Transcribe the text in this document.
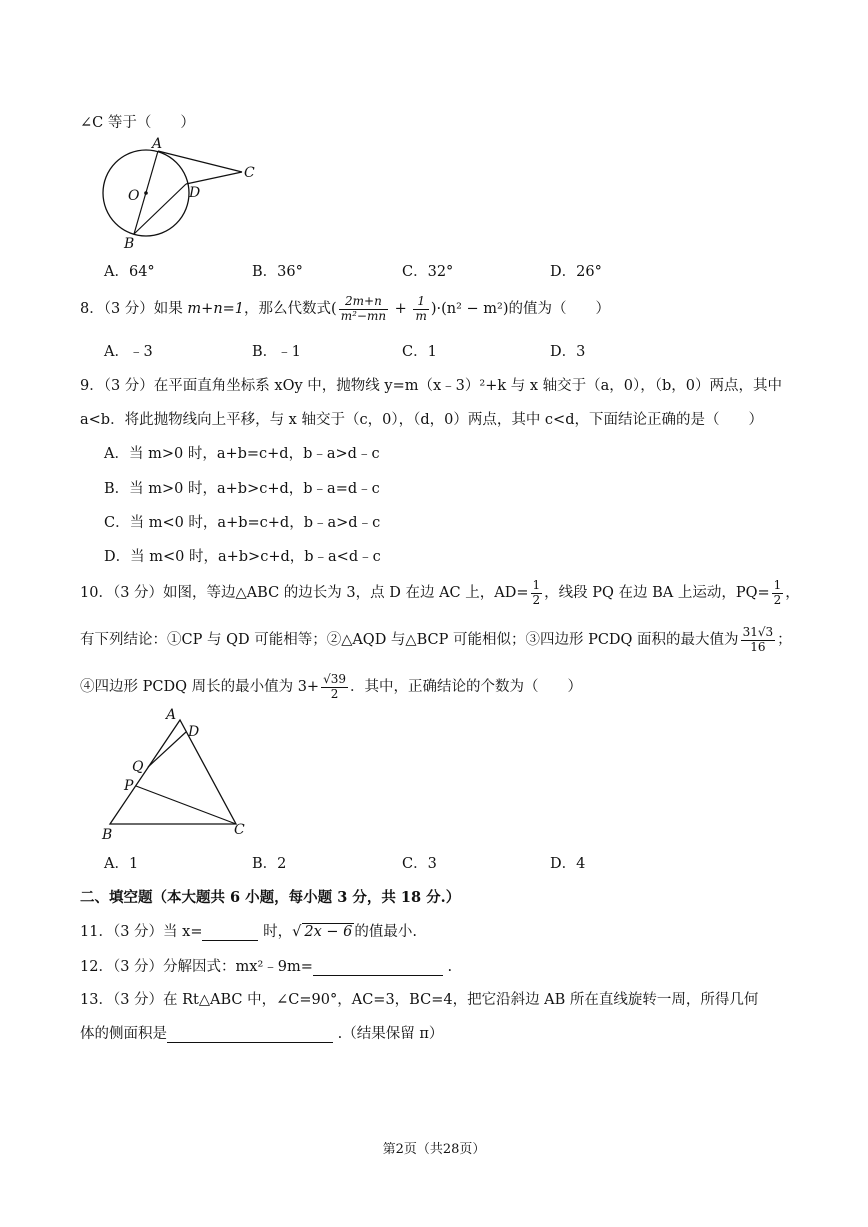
∠C 等于（　　）
A
O	D
C
B
A．64°	B．36°	C．32°	D．26°
8．（3 分）如果 m+n=1，那么代数式( $\frac{2m+n}{\text{m²−mn}} + \frac{1}{m} )\cdot(n^2 - m^2)$的值为（　　）
A．﹣3	B．﹣1	C．1	D．3
9．（3 分）在平面直角坐标系 xOy 中，抛物线 y=m（x﹣3）²+k 与 x 轴交于（a，0），（b，0）两点，其中
a<b．将此抛物线向上平移，与 x 轴交于（c，0），（d，0）两点，其中 c<d，下面结论正确的是（　　）
A．当 m>0 时，a+b=c+d，b﹣a>d﹣c
B．当 m>0 时，a+b>c+d，b﹣a=d﹣c
C．当 m<0 时，a+b=c+d，b﹣a>d﹣c
D．当 m<0 时，a+b>c+d，b﹣a<d﹣c
10．（3 分）如图，等边△ABC 的边长为 3，点 D 在边 AC 上，$AD= \frac{1}{2}$ ，线段 PQ 在边 BA 上运动，$PQ= \frac{1}{2}$ ，
有下列结论：①CP 与 QD 可能相等；②△AQD 与△BCP 可能相似；③四边形 PCDQ 面积的最大值为 $\frac{31√3}{16}$ ；
④四边形 PCDQ 周长的最小值为 $3+ \frac{√39}{2}$ ．其中，正确结论的个数为（　　）
A
D
Q
P
B	C
A．1	B．2	C．3	D．4
二、填空题（本大题共 6 小题，每小题 3 分，共 18 分.）
11．（3 分）当 x=	时，√ 2x − 6 的值最小.
12．（3 分）分解因式：mx²﹣9m=	.
13．（3 分）在 Rt△ABC 中，∠C=90°，AC=3，BC=4，把它沿斜边 AB 所在直线旋转一周，所得几何
体的侧面积是	.（结果保留 π）
第2页（共28页）
